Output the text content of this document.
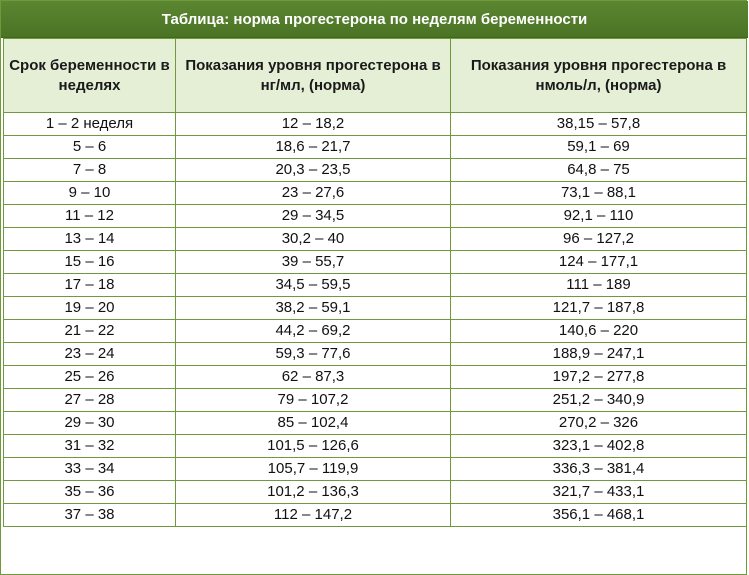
Таблица: норма прогестерона по неделям беременности
Срок беременности в неделях	Показания уровня прогестерона в нг/мл, (норма)	Показания уровня прогестерона в нмоль/л, (норма)
1 – 2 неделя	12 – 18,2	38,15 – 57,8
5 – 6	18,6 – 21,7	59,1 – 69
7 – 8	20,3 – 23,5	64,8 – 75
9 – 10	23 – 27,6	73,1 – 88,1
11 – 12	29 – 34,5	92,1 – 110
13 – 14	30,2 – 40	96 – 127,2
15 – 16	39 – 55,7	124 – 177,1
17 – 18	34,5 – 59,5	111 – 189
19 – 20	38,2 – 59,1	121,7 – 187,8
21 – 22	44,2 – 69,2	140,6 – 220
23 – 24	59,3 – 77,6	188,9 – 247,1
25 – 26	62 – 87,3	197,2 – 277,8
27 – 28	79 – 107,2	251,2 – 340,9
29 – 30	85 – 102,4	270,2 – 326
31 – 32	101,5 – 126,6	323,1 – 402,8
33 – 34	105,7 – 119,9	336,3 – 381,4
35 – 36	101,2 – 136,3	321,7 – 433,1
37 – 38	112 – 147,2	356,1 – 468,1
